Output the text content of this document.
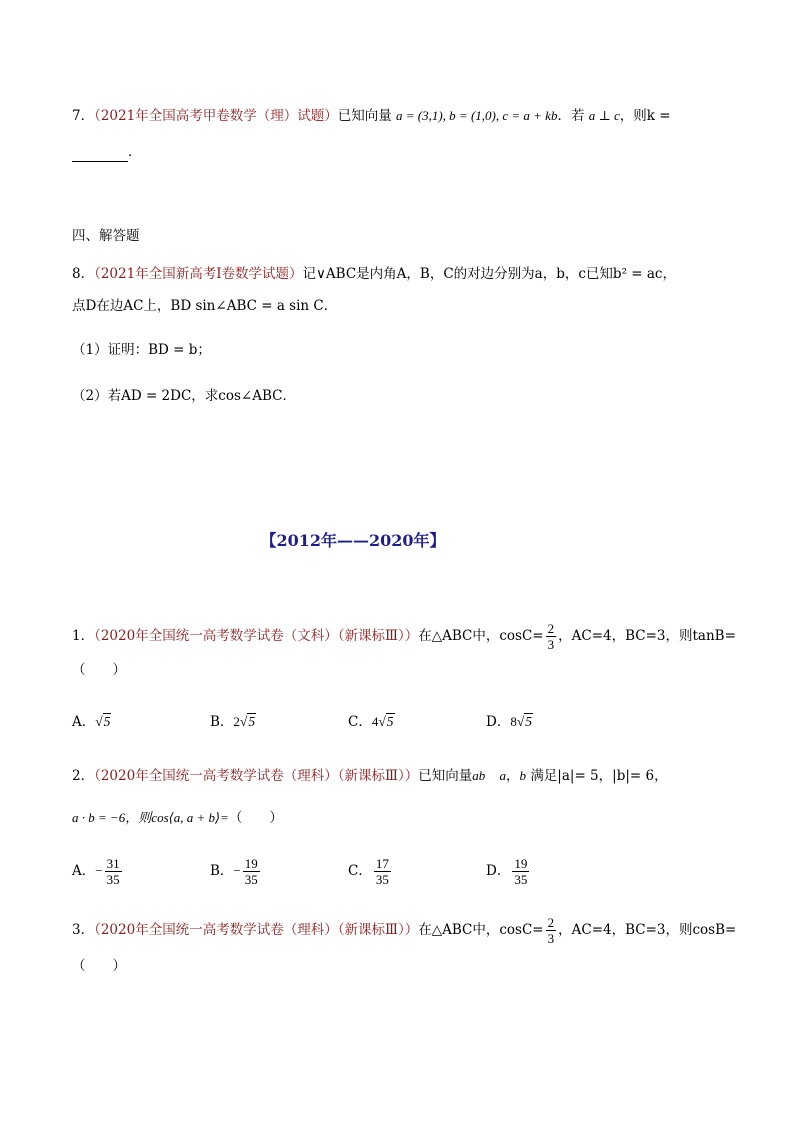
7．（2021年全国高考甲卷数学（理）试题）已知向量 a = (3,1), b = (1,0), c = a + kb．若 a ⊥ c，则k =
．
四、解答题
8．（2021年全国新高考I卷数学试题）记∨ABC是内角A，B，C的对边分别为a，b，c已知b² = ac，
点D在边AC上，BD sin∠ABC = a sin C．
（1）证明：BD = b；
（2）若AD = 2DC，求cos∠ABC．
【2012年——2020年】
1．（2020年全国统一高考数学试卷（文科）（新课标Ⅲ））在△ABC中，$\cos C= \frac{2}{3}$ ，AC=4，BC=3，则tanB=
（　　）
A．√5	B．2√5	C．4√5	D．8√5
2．（2020年全国统一高考数学试卷（理科）（新课标Ⅲ））已知向量ab a，b 满足|a|= 5，|b|= 6，
a · b = −6，则cos⟨a, a + b⟩=（　　）
A．− $\frac{31}{35}$	B．− $\frac{19}{35}$	C． $\frac{17}{35}$	D． $\frac{19}{35}$
3．（2020年全国统一高考数学试卷（理科）（新课标Ⅲ））在△ABC中，$\cos C= \frac{2}{3}$ ，AC=4，BC=3，则cosB=
（　　）
